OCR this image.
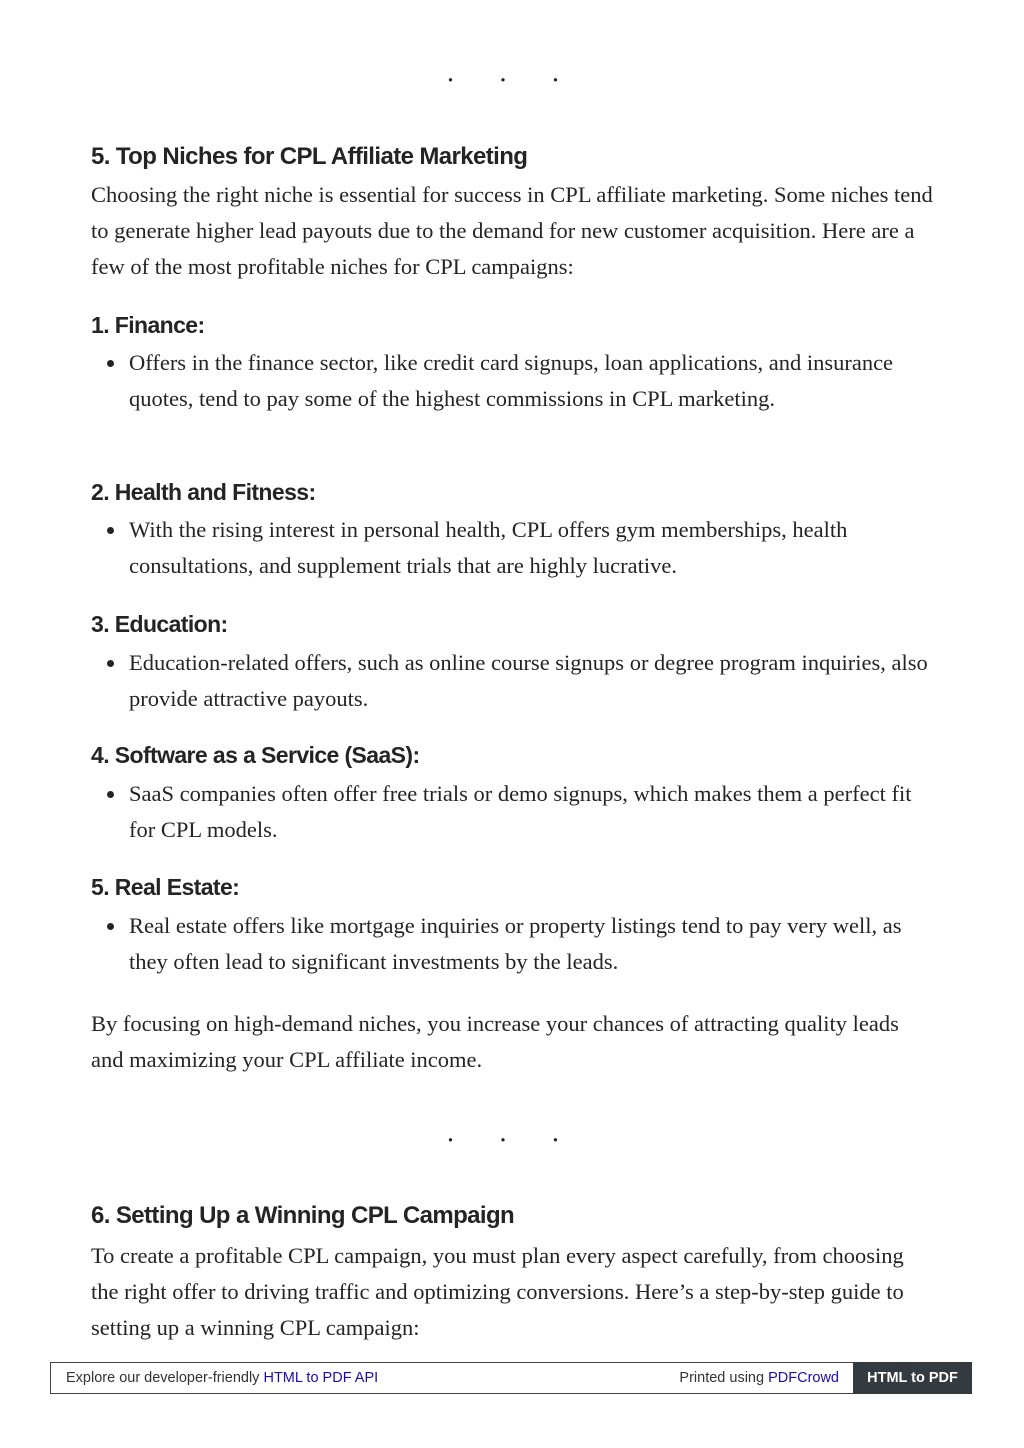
· · ·
5. Top Niches for CPL Affiliate Marketing

Choosing the right niche is essential for success in CPL affiliate marketing. Some niches tend to generate higher lead payouts due to the demand for new customer acquisition. Here are a few of the most profitable niches for CPL campaigns:

1. Finance:
Offers in the finance sector, like credit card signups, loan applications, and insurance quotes, tend to pay some of the highest commissions in CPL marketing.
2. Health and Fitness:
With the rising interest in personal health, CPL offers gym memberships, health consultations, and supplement trials that are highly lucrative.
3. Education:
Education-related offers, such as online course signups or degree program inquiries, also provide attractive payouts.
4. Software as a Service (SaaS):
SaaS companies often offer free trials or demo signups, which makes them a perfect fit for CPL models.
5. Real Estate:
Real estate offers like mortgage inquiries or property listings tend to pay very well, as they often lead to significant investments by the leads.

By focusing on high-demand niches, you increase your chances of attracting quality leads and maximizing your CPL affiliate income.

· · ·
6. Setting Up a Winning CPL Campaign

To create a profitable CPL campaign, you must plan every aspect carefully, from choosing the right offer to driving traffic and optimizing conversions. Here’s a step-by-step guide to setting up a winning CPL campaign:

Explore our developer-friendly HTML to PDF API	Printed using PDFCrowd	HTML to PDF
